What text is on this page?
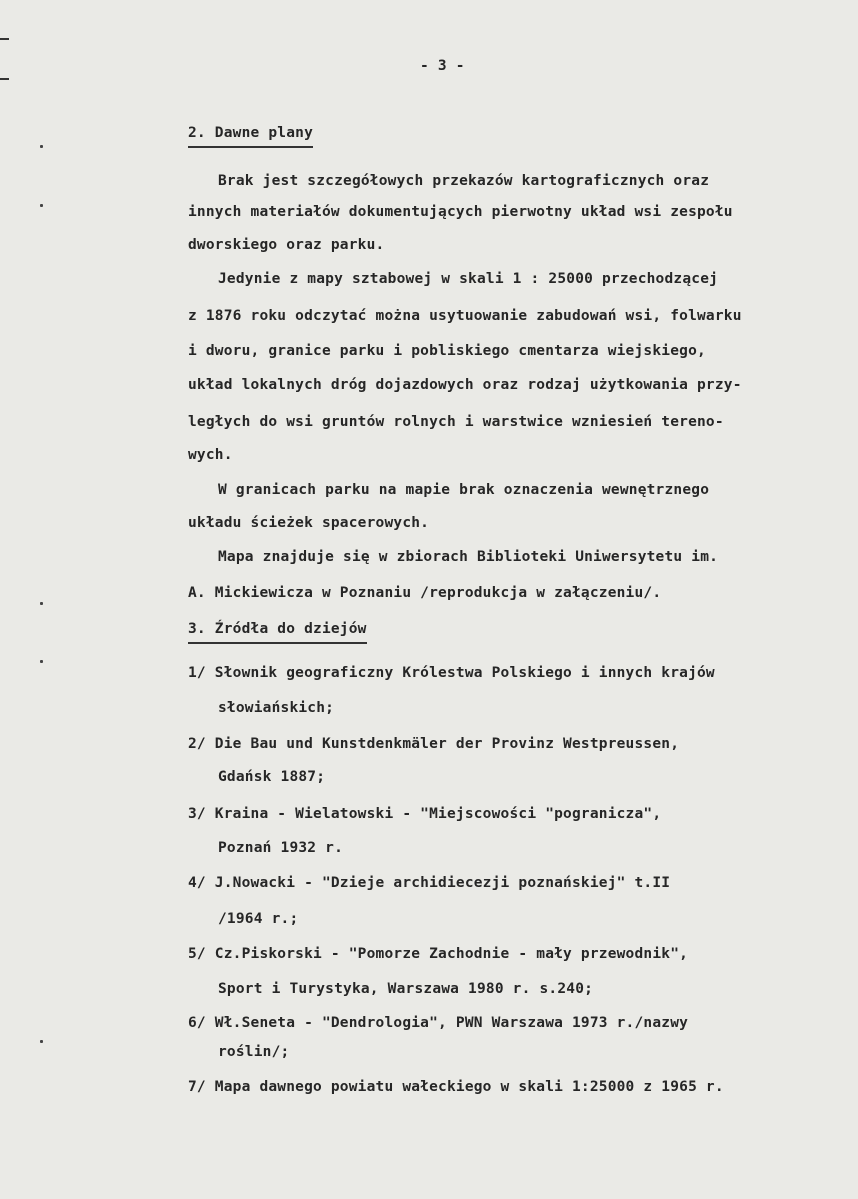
- 3 -
2. Dawne plany
Brak jest szczegółowych przekazów kartograficznych oraz
innych materiałów dokumentujących pierwotny układ wsi zespołu
dworskiego oraz parku.
Jedynie z mapy sztabowej w skali 1 : 25000 przechodzącej
z 1876 roku odczytać można usytuowanie zabudowań wsi, folwarku
i dworu, granice parku i pobliskiego cmentarza wiejskiego,
układ lokalnych dróg dojazdowych oraz rodzaj użytkowania przy-
ległych do wsi gruntów rolnych i warstwice wzniesień tereno-
wych.
W granicach parku na mapie brak oznaczenia wewnętrznego
układu ścieżek spacerowych.
Mapa znajduje się w zbiorach Biblioteki Uniwersytetu im.
A. Mickiewicza w Poznaniu /reprodukcja w załączeniu/.
3. Źródła do dziejów
1/ Słownik geograficzny Królestwa Polskiego i innych krajów
słowiańskich;
2/ Die Bau und Kunstdenkmäler der Provinz Westpreussen,
Gdańsk 1887;
3/ Kraina - Wielatowski - "Miejscowości "pogranicza",
Poznań 1932 r.
4/ J.Nowacki - "Dzieje archidiecezji poznańskiej" t.II
/1964 r.;
5/ Cz.Piskorski - "Pomorze Zachodnie - mały przewodnik",
Sport i Turystyka, Warszawa 1980 r. s.240;
6/ Wł.Seneta - "Dendrologia", PWN Warszawa 1973 r./nazwy
roślin/;
7/ Mapa dawnego powiatu wałeckiego w skali 1:25000 z 1965 r.
